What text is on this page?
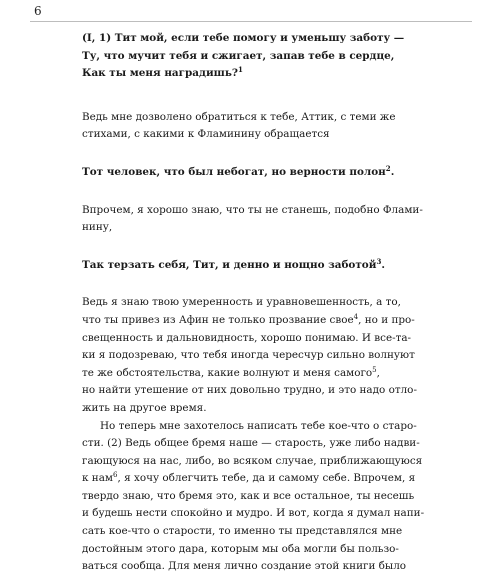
6

(I, 1) Тит мой, если тебе помогу и уменьшу заботу —
Ту, что мучит тебя и сжигает, запав тебе в сердце,
Как ты меня наградишь?$^1$

Ведь мне дозволено обратиться к тебе, Аттик, с теми же
стихами, с какими к Фламинину обращается

Тот человек, что был небогат, но верности полон$^2$.

Впрочем, я хорошо знаю, что ты не станешь, подобно Флами-
нину,

Так терзать себя, Тит, и денно и нощно заботой$^3$.

Ведь я знаю твою умеренность и уравновешенность, а то,
что ты привез из Афин не только прозвание свое$^4$, но и про-
свещенность и дальновидность, хорошо понимаю. И все-та-
ки я подозреваю, что тебя иногда чересчур сильно волнуют
те же обстоятельства, какие волнуют и меня самого$^5$,
но найти утешение от них довольно трудно, и это надо отло-
жить на другое время.
Но теперь мне захотелось написать тебе кое-что о старо-
сти. (2) Ведь общее бремя наше — старость, уже либо надви-
гающуюся на нас, либо, во всяком случае, приближающуюся
к нам$^6$, я хочу облегчить тебе, да и самому себе. Впрочем, я
твердо знаю, что бремя это, как и все остальное, ты несешь
и будешь нести спокойно и мудро. И вот, когда я думал напи-
сать кое-что о старости, то именно ты представлялся мне
достойным этого дара, которым мы оба могли бы пользо-
ваться сообща. Для меня лично создание этой книги было
